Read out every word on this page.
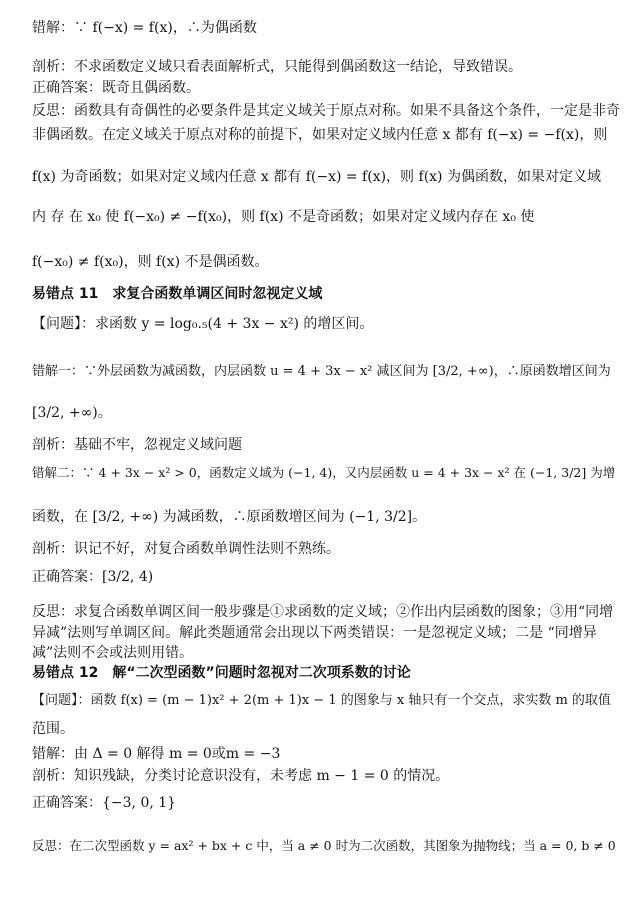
错解：∵ f(−x) = f(x)，∴为偶函数
剖析：不求函数定义域只看表面解析式，只能得到偶函数这一结论，导致错误。
正确答案：既奇且偶函数。
反思：函数具有奇偶性的必要条件是其定义域关于原点对称。如果不具备这个条件，一定是非奇
非偶函数。在定义域关于原点对称的前提下，如果对定义域内任意 x 都有 f(−x) = −f(x)，则
f(x) 为奇函数；如果对定义域内任意 x 都有 f(−x) = f(x)，则 f(x) 为偶函数，如果对定义域
内 存 在 x₀ 使 f(−x₀) ≠ −f(x₀)，则 f(x) 不是奇函数；如果对定义域内存在 x₀ 使
f(−x₀) ≠ f(x₀)，则 f(x) 不是偶函数。
易错点 11　求复合函数单调区间时忽视定义域
【问题】：求函数 y = log₀.₅(4 + 3x − x²) 的增区间。
错解一：∵外层函数为减函数，内层函数 u = 4 + 3x − x² 减区间为 [3/2, +∞)，∴原函数增区间为
[3/2, +∞)。
剖析：基础不牢，忽视定义域问题
错解二：∵ 4 + 3x − x² > 0，函数定义域为 (−1, 4)，又内层函数 u = 4 + 3x − x² 在 (−1, 3/2] 为增
函数，在 [3/2, +∞) 为减函数，∴原函数增区间为 (−1, 3/2]。
剖析：识记不好，对复合函数单调性法则不熟练。
正确答案：[3/2, 4)
反思：求复合函数单调区间一般步骤是①求函数的定义域；②作出内层函数的图象；③用“同增
异减”法则写单调区间。解此类题通常会出现以下两类错误：一是忽视定义域；二是 “同增异
减”法则不会或法则用错。
易错点 12　解“二次型函数”问题时忽视对二次项系数的讨论
【问题】：函数 f(x) = (m − 1)x² + 2(m + 1)x − 1 的图象与 x 轴只有一个交点，求实数 m 的取值
范围。
错解：由 Δ = 0 解得 m = 0或m = −3
剖析：知识残缺，分类讨论意识没有，未考虑 m − 1 = 0 的情况。
正确答案：{−3, 0, 1}
反思：在二次型函数 y = ax² + bx + c 中，当 a ≠ 0 时为二次函数，其图象为抛物线；当 a = 0, b ≠ 0
